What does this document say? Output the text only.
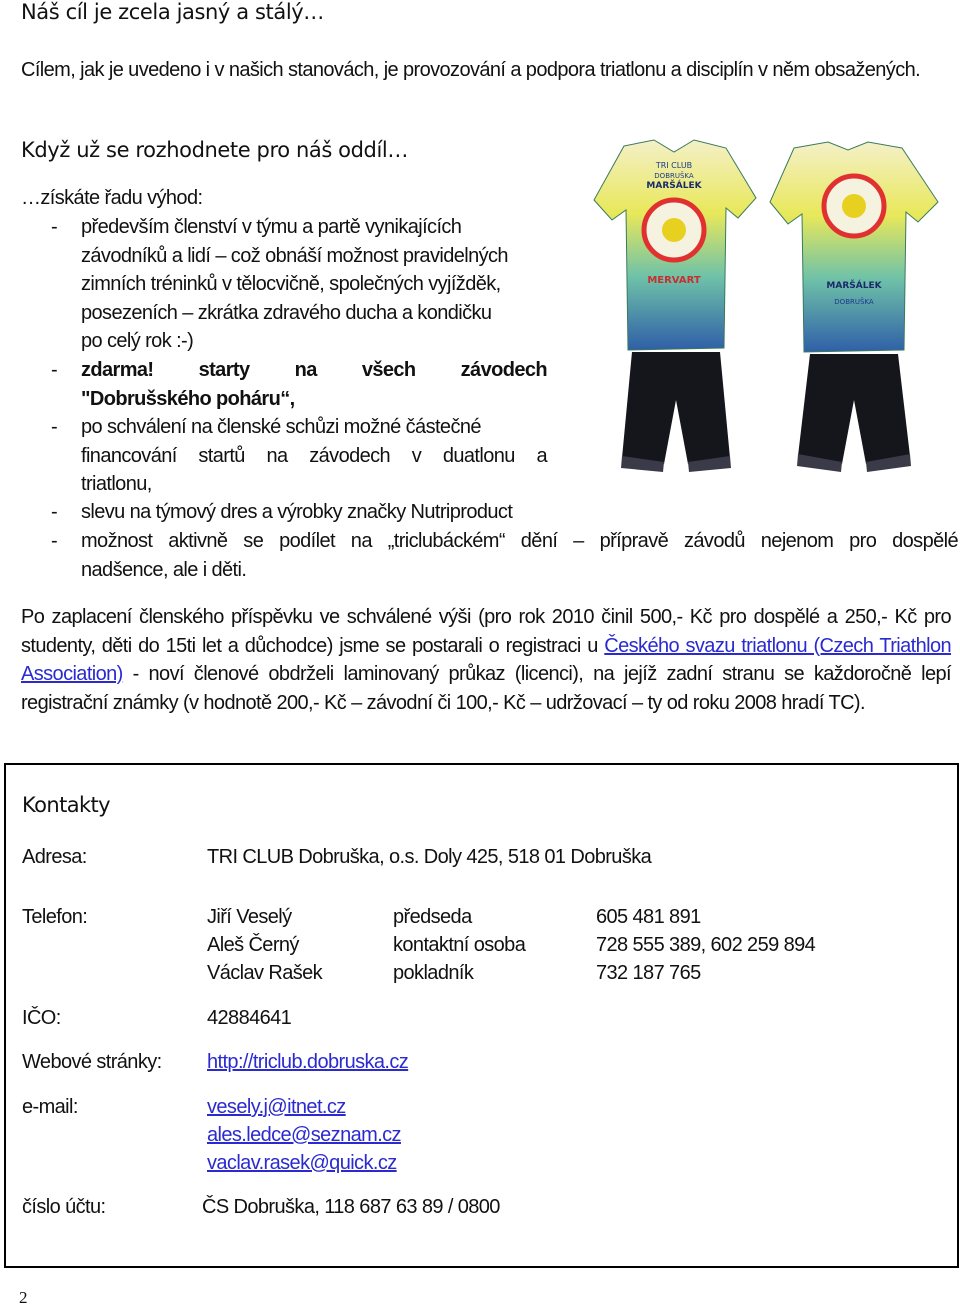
Náš cíl je zcela jasný a stálý…
Cílem, jak je uvedeno i v našich stanovách, je provozování a podpora triatlonu a disciplín v něm obsažených.
Když už se rozhodnete pro náš oddíl…
…získáte řadu výhod:
- především členství v týmu a partě vynikajících
závodníků a lidí – což obnáší možnost pravidelných
zimních tréninků v tělocvičně, společných vyjížděk,
posezeních – zkrátka zdravého ducha a kondičku
po celý rok :-)
- zdarma! starty na všech závodech
"Dobrušského poháru“,
- po schválení na členské schůzi možné částečné
financování startů na závodech v duatlonu a
triatlonu,
- slevu na týmový dres a výrobky značky Nutriproduct
- možnost aktivně se podílet na „triclubáckém“ dění – přípravě závodů nejenom pro dospělé
nadšence, ale i děti.
TRI CLUB
DOBRUŠKA
MARŠÁLEK
MERVART	MARŠÁLEK
DOBRUŠKA
Po zaplacení členského příspěvku ve schválené výši (pro rok 2010 činil 500,- Kč pro dospělé a 250,- Kč pro studenty, děti do 15ti let a důchodce) jsme se postarali o registraci u Českého svazu triatlonu (Czech Triathlon Association) - noví členové obdrželi laminovaný průkaz (licenci), na jejíž zadní stranu se každoročně lepí registrační známky (v hodnotě 200,- Kč – závodní či 100,- Kč – udržovací – ty od roku 2008 hradí TC).
Kontakty
Adresa:	TRI CLUB Dobruška, o.s. Doly 425, 518 01 Dobruška
Telefon:	Jiří Veselý	předseda	605 481 891
Aleš Černý	kontaktní osoba	728 555 389, 602 259 894
Václav Rašek	pokladník	732 187 765
IČO:	42884641
Webové stránky: http://triclub.dobruska.cz
e-mail:	vesely.j@itnet.cz
ales.ledce@seznam.cz
vaclav.rasek@quick.cz
číslo účtu:	ČS Dobruška, 118 687 63 89 / 0800
2
